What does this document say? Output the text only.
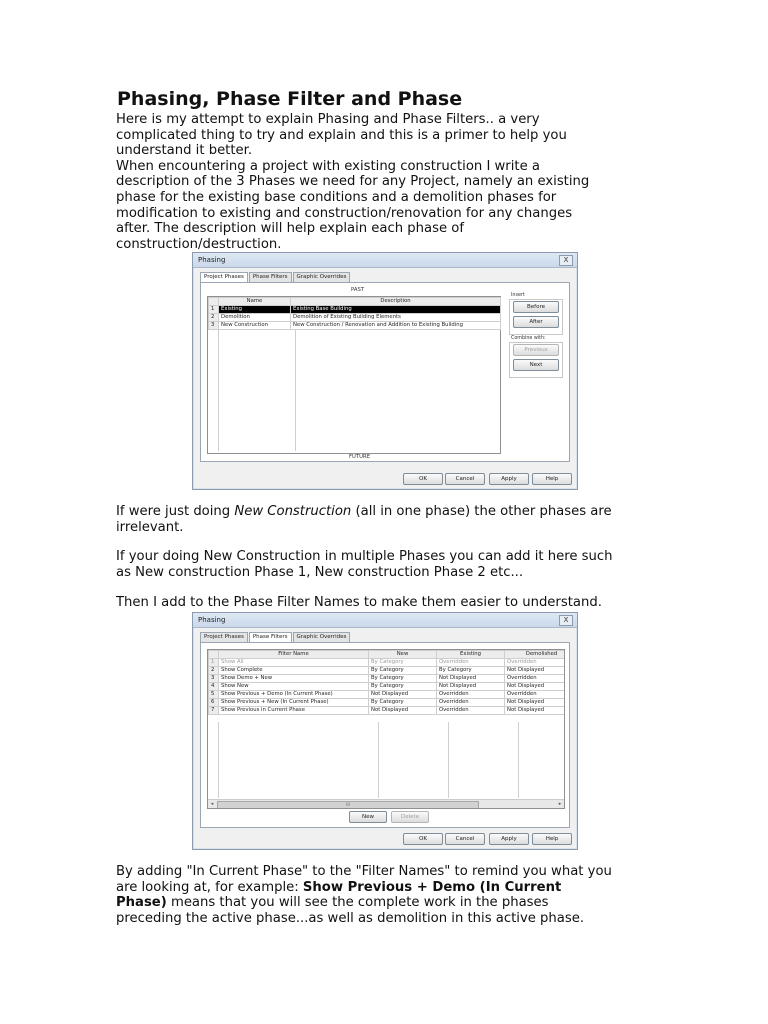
Phasing, Phase Filter and Phase

Here is my attempt to explain Phasing and Phase Filters.. a very
complicated thing to try and explain and this is a primer to help you
understand it better.
When encountering a project with existing construction I write a
description of the 3 Phases we need for any Project, namely an existing
phase for the existing base conditions and a demolition phases for
modification to existing and construction/renovation for any changes
after. The description will help explain each phase of
construction/destruction.

Phasing	X
Project Phases	Phase Filters	Graphic Overrides
PAST
	Name	Description
1	Existing	Existing Base Building
2	Demolition	Demolition of Existing Building Elements
3	New Construction	New Construction / Renovation and Addition to Existing Building
FUTURE
Insert
Before
After
Combine with:
Previous
Next
OK	Cancel	Apply	Help

If were just doing New Construction (all in one phase) the other phases are
irrelevant.

If your doing New Construction in multiple Phases you can add it here such
as New construction Phase 1, New construction Phase 2 etc...

Then I add to the Phase Filter Names to make them easier to understand.

Phasing	X
Project Phases	Phase Filters	Graphic Overrides
	Filter Name	New	Existing	Demolished
1	Show All	By Category	Overridden	Overridden
2	Show Complete	By Category	By Category	Not Displayed
3	Show Demo + New	By Category	Not Displayed	Overridden
4	Show New	By Category	Not Displayed	Not Displayed
5	Show Previous + Demo (In Current Phase)	Not Displayed	Overridden	Overridden
6	Show Previous + New (In Current Phase)	By Category	Overridden	Not Displayed
7	Show Previous in Current Phase	Not Displayed	Overridden	Not Displayed
◂	III	▸
New	Delete
OK	Cancel	Apply	Help

By adding "In Current Phase" to the "Filter Names" to remind you what you
are looking at, for example: Show Previous + Demo (In Current
Phase) means that you will see the complete work in the phases
preceding the active phase...as well as demolition in this active phase.
